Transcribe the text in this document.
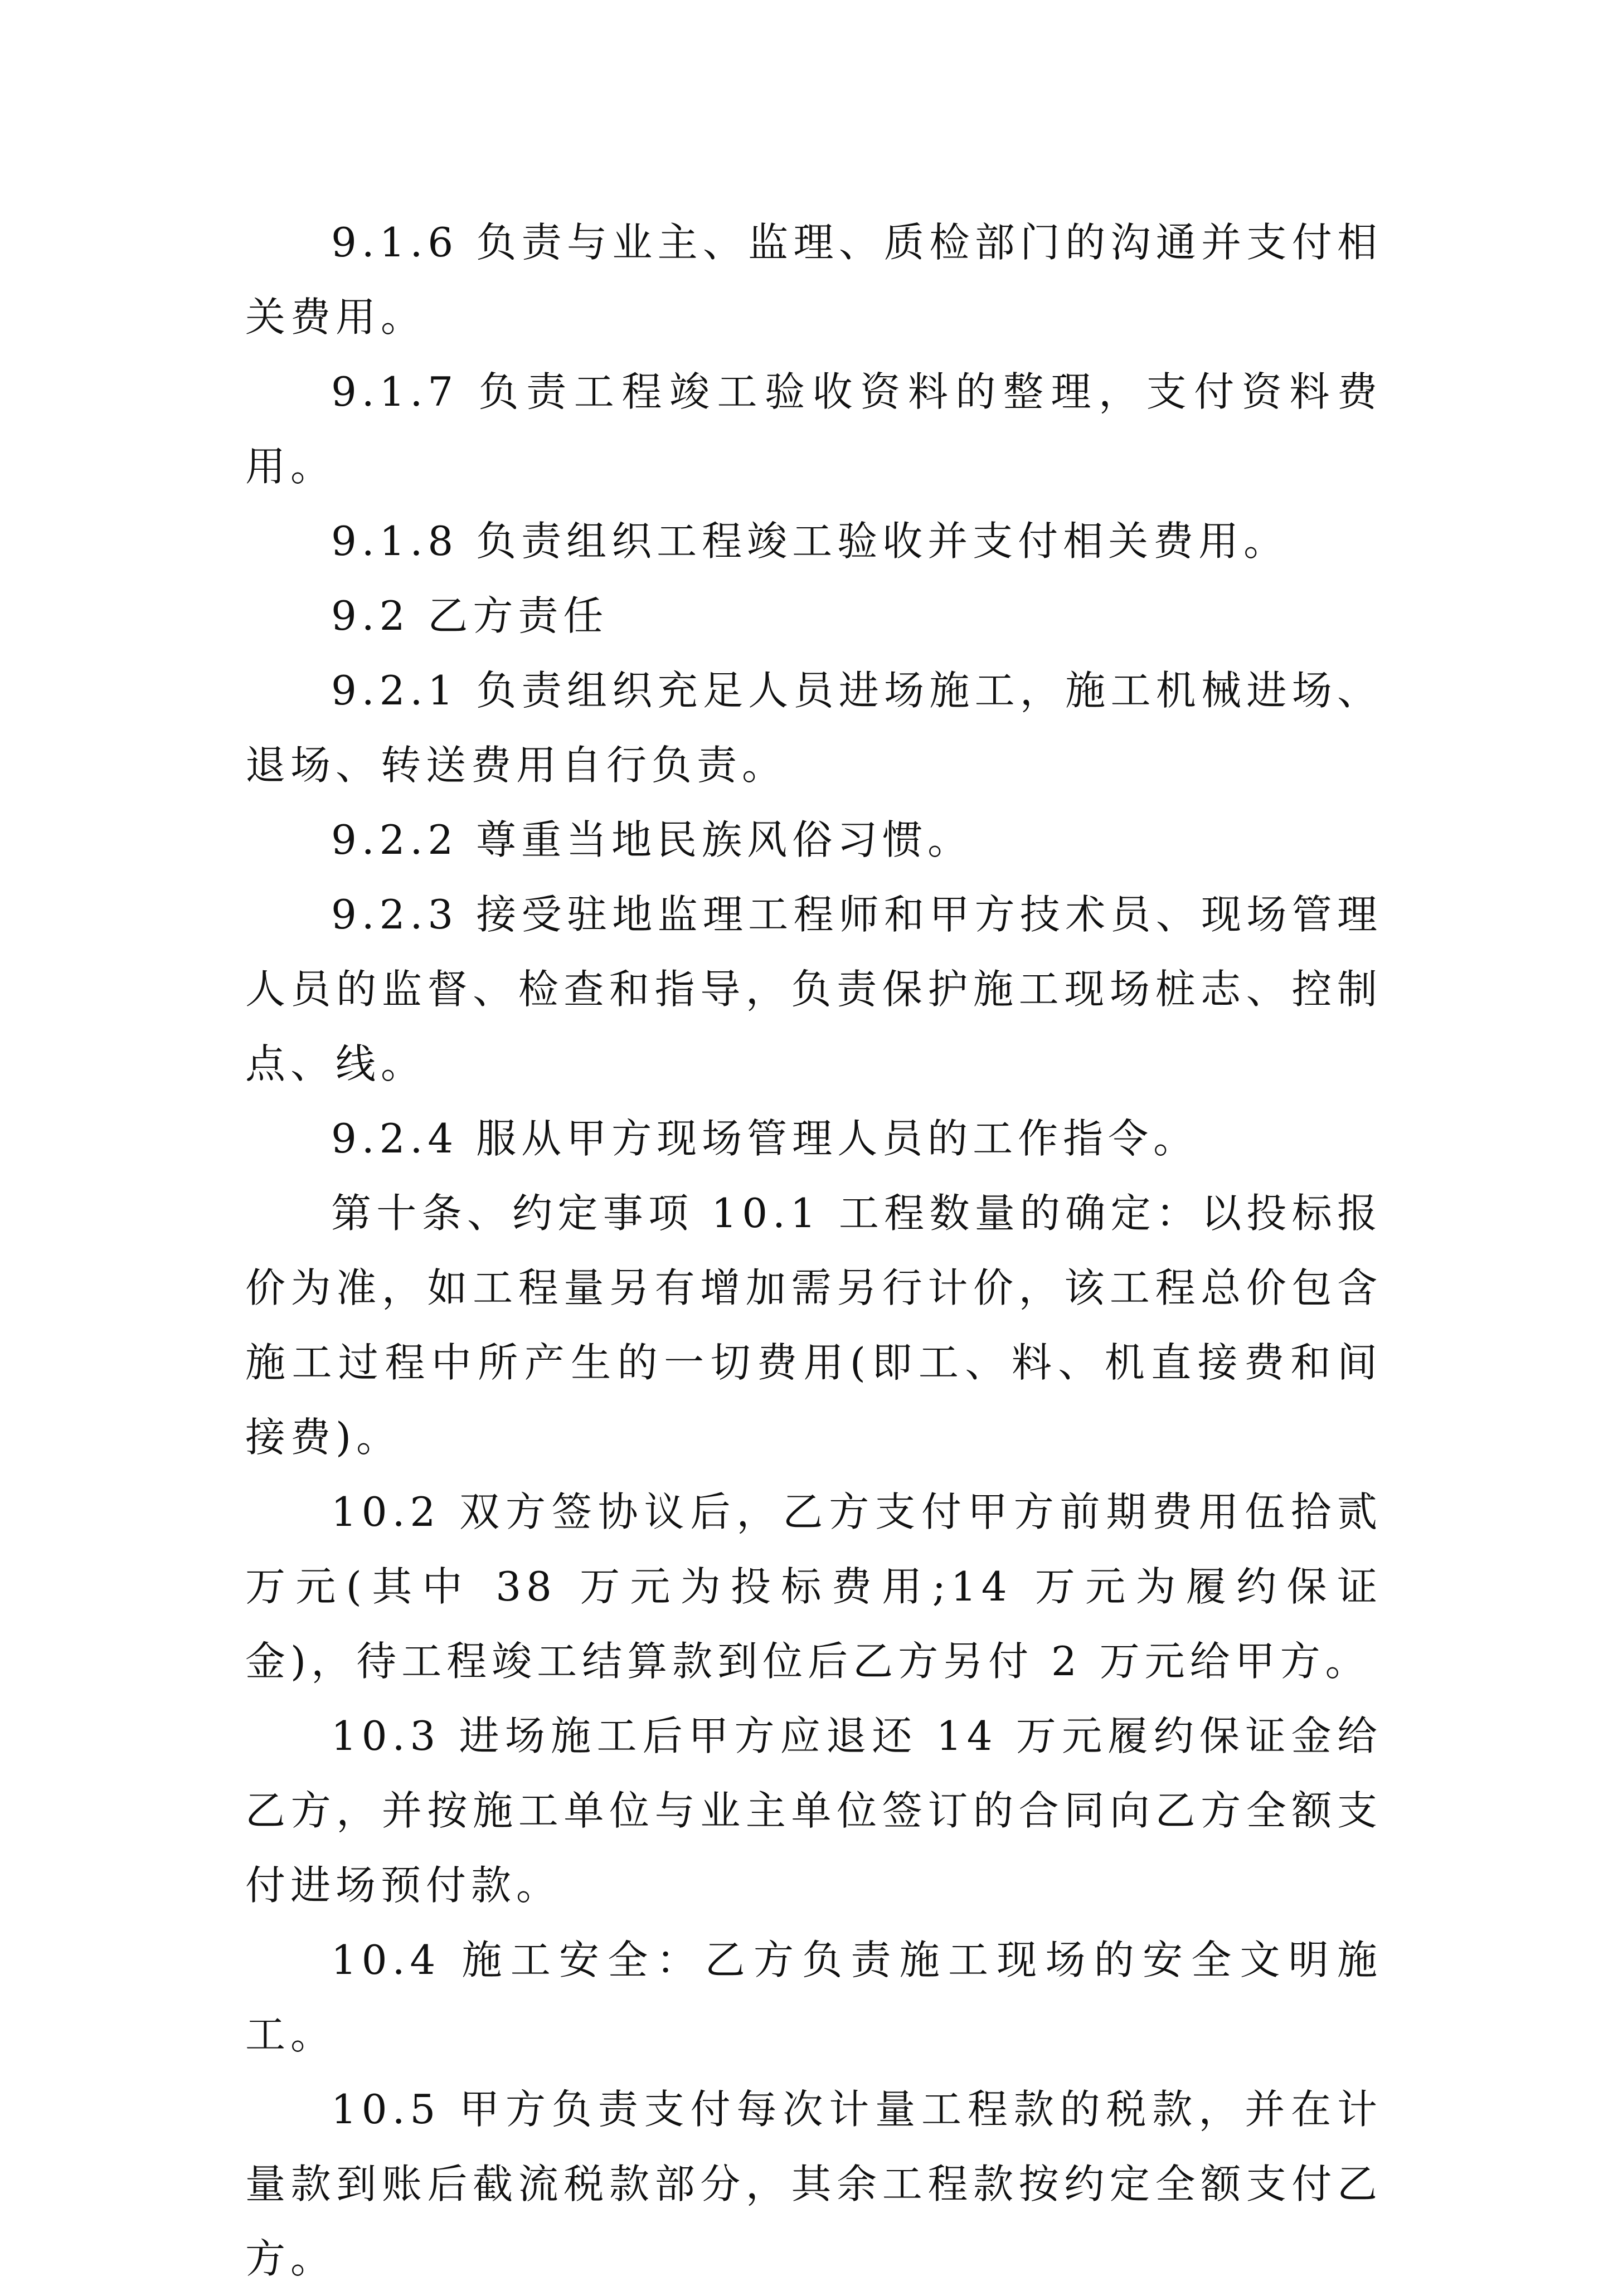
9.1.6 负责与业主、监理、质检部门的沟通并支付相关费用。

9.1.7 负责工程竣工验收资料的整理，支付资料费用。

9.1.8 负责组织工程竣工验收并支付相关费用。

9.2 乙方责任

9.2.1 负责组织充足人员进场施工，施工机械进场、退场、转送费用自行负责。

9.2.2 尊重当地民族风俗习惯。

9.2.3 接受驻地监理工程师和甲方技术员、现场管理人员的监督、检查和指导，负责保护施工现场桩志、控制点、线。

9.2.4 服从甲方现场管理人员的工作指令。

第十条、约定事项 10.1 工程数量的确定：以投标报价为准，如工程量另有增加需另行计价，该工程总价包含施工过程中所产生的一切费用(即工、料、机直接费和间接费)。

10.2 双方签协议后，乙方支付甲方前期费用伍拾贰万元(其中 38 万元为投标费用;14 万元为履约保证金)，待工程竣工结算款到位后乙方另付 2 万元给甲方。

10.3 进场施工后甲方应退还 14 万元履约保证金给乙方，并按施工单位与业主单位签订的合同向乙方全额支付进场预付款。

10.4 施工安全：乙方负责施工现场的安全文明施工。

10.5 甲方负责支付每次计量工程款的税款，并在计量款到账后截流税款部分，其余工程款按约定全额支付乙方。
